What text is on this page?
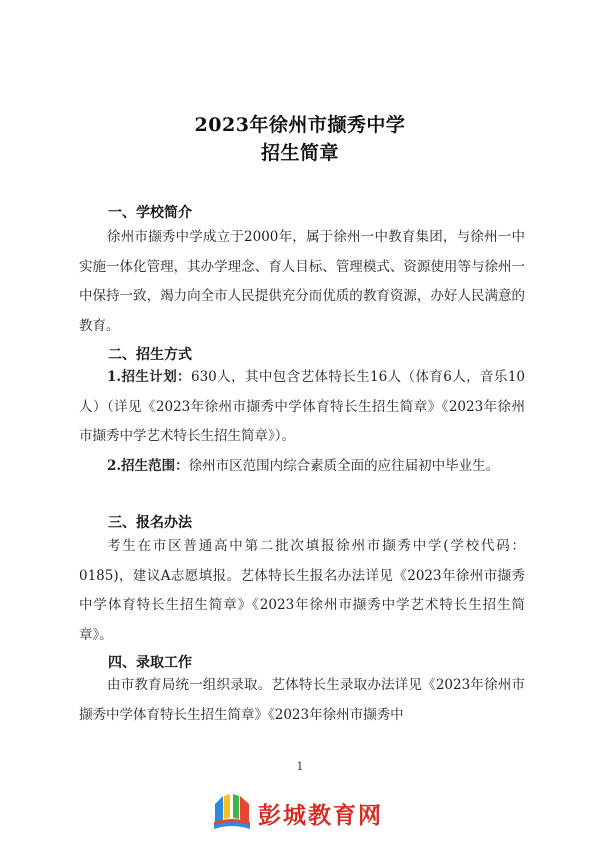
2023年徐州市撷秀中学
招生简章
一、学校简介

徐州市撷秀中学成立于2000年，属于徐州一中教育集团，与徐州一中实施一体化管理，其办学理念、育人目标、管理模式、资源使用等与徐州一中保持一致，竭力向全市人民提供充分而优质的教育资源，办好人民满意的教育。

二、招生方式

1.招生计划：630人，其中包含艺体特长生16人（体育6人，音乐10人）（详见《2023年徐州市撷秀中学体育特长生招生简章》《2023年徐州市撷秀中学艺术特长生招生简章》）。

2.招生范围：徐州市区范围内综合素质全面的应往届初中毕业生。

三、报名办法

考生在市区普通高中第二批次填报徐州市撷秀中学(学校代码：0185)，建议A志愿填报。艺体特长生报名办法详见《2023年徐州市撷秀中学体育特长生招生简章》《2023年徐州市撷秀中学艺术特长生招生简章》。

四、录取工作

由市教育局统一组织录取。艺体特长生录取办法详见《2023年徐州市撷秀中学体育特长生招生简章》《2023年徐州市撷秀中

1
彭城教育网
